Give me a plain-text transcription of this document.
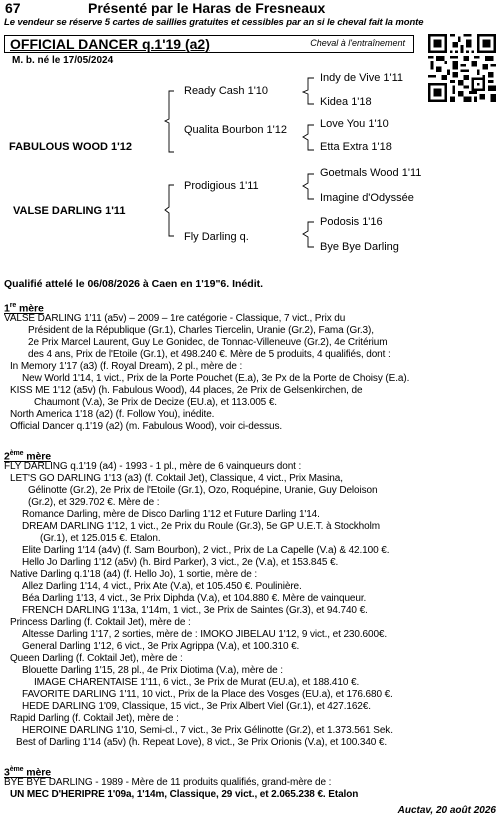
67	Présenté par le Haras de Fresneaux
Le vendeur se réserve 5 cartes de saillies gratuites et cessibles par an si le cheval fait la monte
OFFICIAL DANCER q.1'19 (a2)	Cheval à l'entraînement
M. b. né le 17/05/2024
FABULOUS WOOD 1'12
VALSE DARLING 1'11
Ready Cash 1'10
Qualita Bourbon 1'12
Prodigious 1'11
Fly Darling q.
Indy de Vive 1'11
Kidea 1'18
Love You 1'10
Etta Extra 1'18
Goetmals Wood 1'11
Imagine d'Odyssée
Podosis 1'16
Bye Bye Darling
Qualifié attelé le 06/08/2026 à Caen en 1'19"6. Inédit.
1re mère
VALSE DARLING 1'11 (a5v) – 2009 – 1re catégorie - Classique, 7 vict., Prix du
Président de la République (Gr.1), Charles Tiercelin, Uranie (Gr.2), Fama (Gr.3),
2e Prix Marcel Laurent, Guy Le Gonidec, de Tonnac-Villeneuve (Gr.2), 4e Critérium
des 4 ans, Prix de l'Etoile (Gr.1), et 498.240 €. Mère de 5 produits, 4 qualifiés, dont :
In Memory 1'17 (a3) (f. Royal Dream), 2 pl., mère de :
New World 1'14, 1 vict., Prix de la Porte Pouchet (E.a), 3e Px de la Porte de Choisy (E.a).
KISS ME 1'12 (a5v) (h. Fabulous Wood), 44 places, 2e Prix de Gelsenkirchen, de
Chaumont (V.a), 3e Prix de Decize (EU.a), et 113.005 €.
North America 1'18 (a2) (f. Follow You), inédite.
Official Dancer q.1'19 (a2) (m. Fabulous Wood), voir ci-dessus.
2ème mère
FLY DARLING q.1'19 (a4) - 1993 - 1 pl., mère de 6 vainqueurs dont :
LET'S GO DARLING 1'13 (a3) (f. Coktail Jet), Classique, 4 vict., Prix Masina,
Gélinotte (Gr.2), 2e Prix de l'Etoile (Gr.1), Ozo, Roquépine, Uranie, Guy Deloison
(Gr.2), et 329.702 €. Mère de :
Romance Darling, mère de Disco Darling 1'12 et Future Darling 1'14.
DREAM DARLING 1'12, 1 vict., 2e Prix du Roule (Gr.3), 5e GP U.E.T. à Stockholm
(Gr.1), et 125.015 €. Etalon.
Elite Darling 1'14 (a4v) (f. Sam Bourbon), 2 vict., Prix de La Capelle (V.a) & 42.100 €.
Hello Jo Darling 1'12 (a5v) (h. Bird Parker), 3 vict., 2e (V.a), et 153.845 €.
Native Darling q.1'18 (a4) (f. Hello Jo), 1 sortie, mère de :
Allez Darling 1'14, 4 vict., Prix Ate (V.a), et 105.450 €. Poulinière.
Béa Darling 1'13, 4 vict., 3e Prix Diphda (V.a), et 104.880 €. Mère de vainqueur.
FRENCH DARLING 1'13a, 1'14m, 1 vict., 3e Prix de Saintes (Gr.3), et 94.740 €.
Princess Darling (f. Coktail Jet), mère de :
Altesse Darling 1'17, 2 sorties, mère de : IMOKO JIBELAU 1'12, 9 vict., et 230.600€.
General Darling 1'12, 6 vict., 3e Prix Agrippa (V.a), et 100.310 €.
Queen Darling (f. Coktail Jet), mère de :
Blouette Darling 1'15, 28 pl., 4e Prix Diotima (V.a), mère de :
IMAGE CHARENTAISE 1'11, 6 vict., 3e Prix de Murat (EU.a), et 188.410 €.
FAVORITE DARLING 1'11, 10 vict., Prix de la Place des Vosges (EU.a), et 176.680 €.
HEDE DARLING 1'09, Classique, 15 vict., 3e Prix Albert Viel (Gr.1), et 427.162€.
Rapid Darling (f. Coktail Jet), mère de :
HEROINE DARLING 1'10, Semi-cl., 7 vict., 3e Prix Gélinotte (Gr.2), et 1.373.561 Sek.
Best of Darling 1'14 (a5v) (h. Repeat Love), 8 vict., 3e Prix Orionis (V.a), et 100.340 €.
3ème mère
BYE BYE DARLING - 1989 - Mère de 11 produits qualifiés, grand-mère de :
UN MEC D'HERIPRE 1'09a, 1'14m, Classique, 29 vict., et 2.065.238 €. Etalon
Auctav, 20 août 2026
